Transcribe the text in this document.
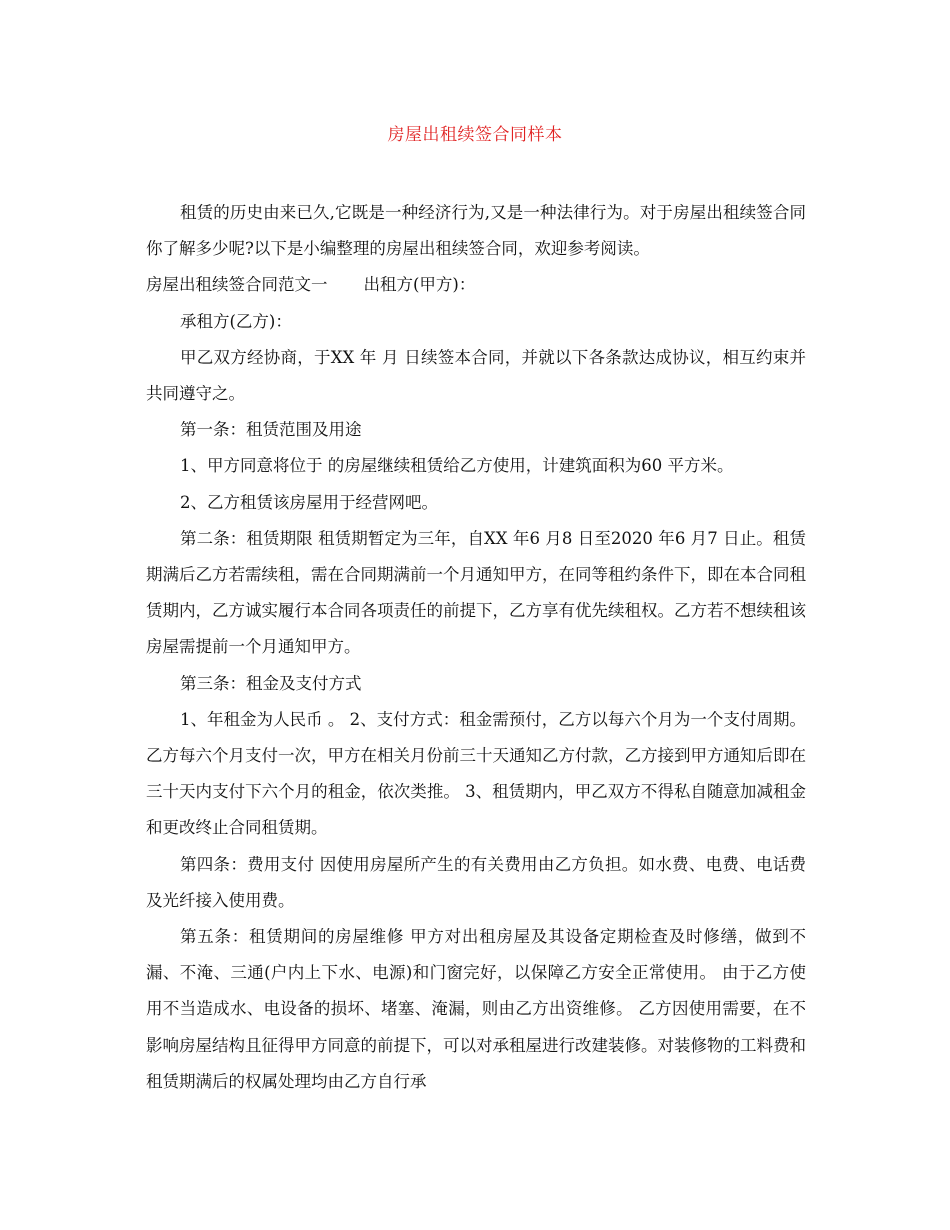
房屋出租续签合同样本

租赁的历史由来已久,它既是一种经济行为,又是一种法律行为。对于房屋出租续签合同你了解多少呢?以下是小编整理的房屋出租续签合同，欢迎参考阅读。

房屋出租续签合同范文一 出租方(甲方)：

承租方(乙方)：

甲乙双方经协商，于XX 年 月 日续签本合同，并就以下各条款达成协议，相互约束并共同遵守之。

第一条：租赁范围及用途

1、甲方同意将位于 的房屋继续租赁给乙方使用，计建筑面积为60 平方米。

2、乙方租赁该房屋用于经营网吧。

第二条：租赁期限 租赁期暂定为三年，自XX 年6 月8 日至2020 年6 月7 日止。租赁期满后乙方若需续租，需在合同期满前一个月通知甲方，在同等租约条件下，即在本合同租赁期内，乙方诚实履行本合同各项责任的前提下，乙方享有优先续租权。乙方若不想续租该房屋需提前一个月通知甲方。

第三条：租金及支付方式

1、年租金为人民币 。 2、支付方式：租金需预付，乙方以每六个月为一个支付周期。乙方每六个月支付一次，甲方在相关月份前三十天通知乙方付款，乙方接到甲方通知后即在三十天内支付下六个月的租金，依次类推。 3、租赁期内，甲乙双方不得私自随意加减租金和更改终止合同租赁期。

第四条：费用支付 因使用房屋所产生的有关费用由乙方负担。如水费、电费、电话费及光纤接入使用费。

第五条：租赁期间的房屋维修 甲方对出租房屋及其设备定期检查及时修缮，做到不漏、不淹、三通(户内上下水、电源)和门窗完好，以保障乙方安全正常使用。 由于乙方使用不当造成水、电设备的损坏、堵塞、淹漏，则由乙方出资维修。 乙方因使用需要，在不影响房屋结构且征得甲方同意的前提下，可以对承租屋进行改建装修。对装修物的工料费和租赁期满后的权属处理均由乙方自行承
